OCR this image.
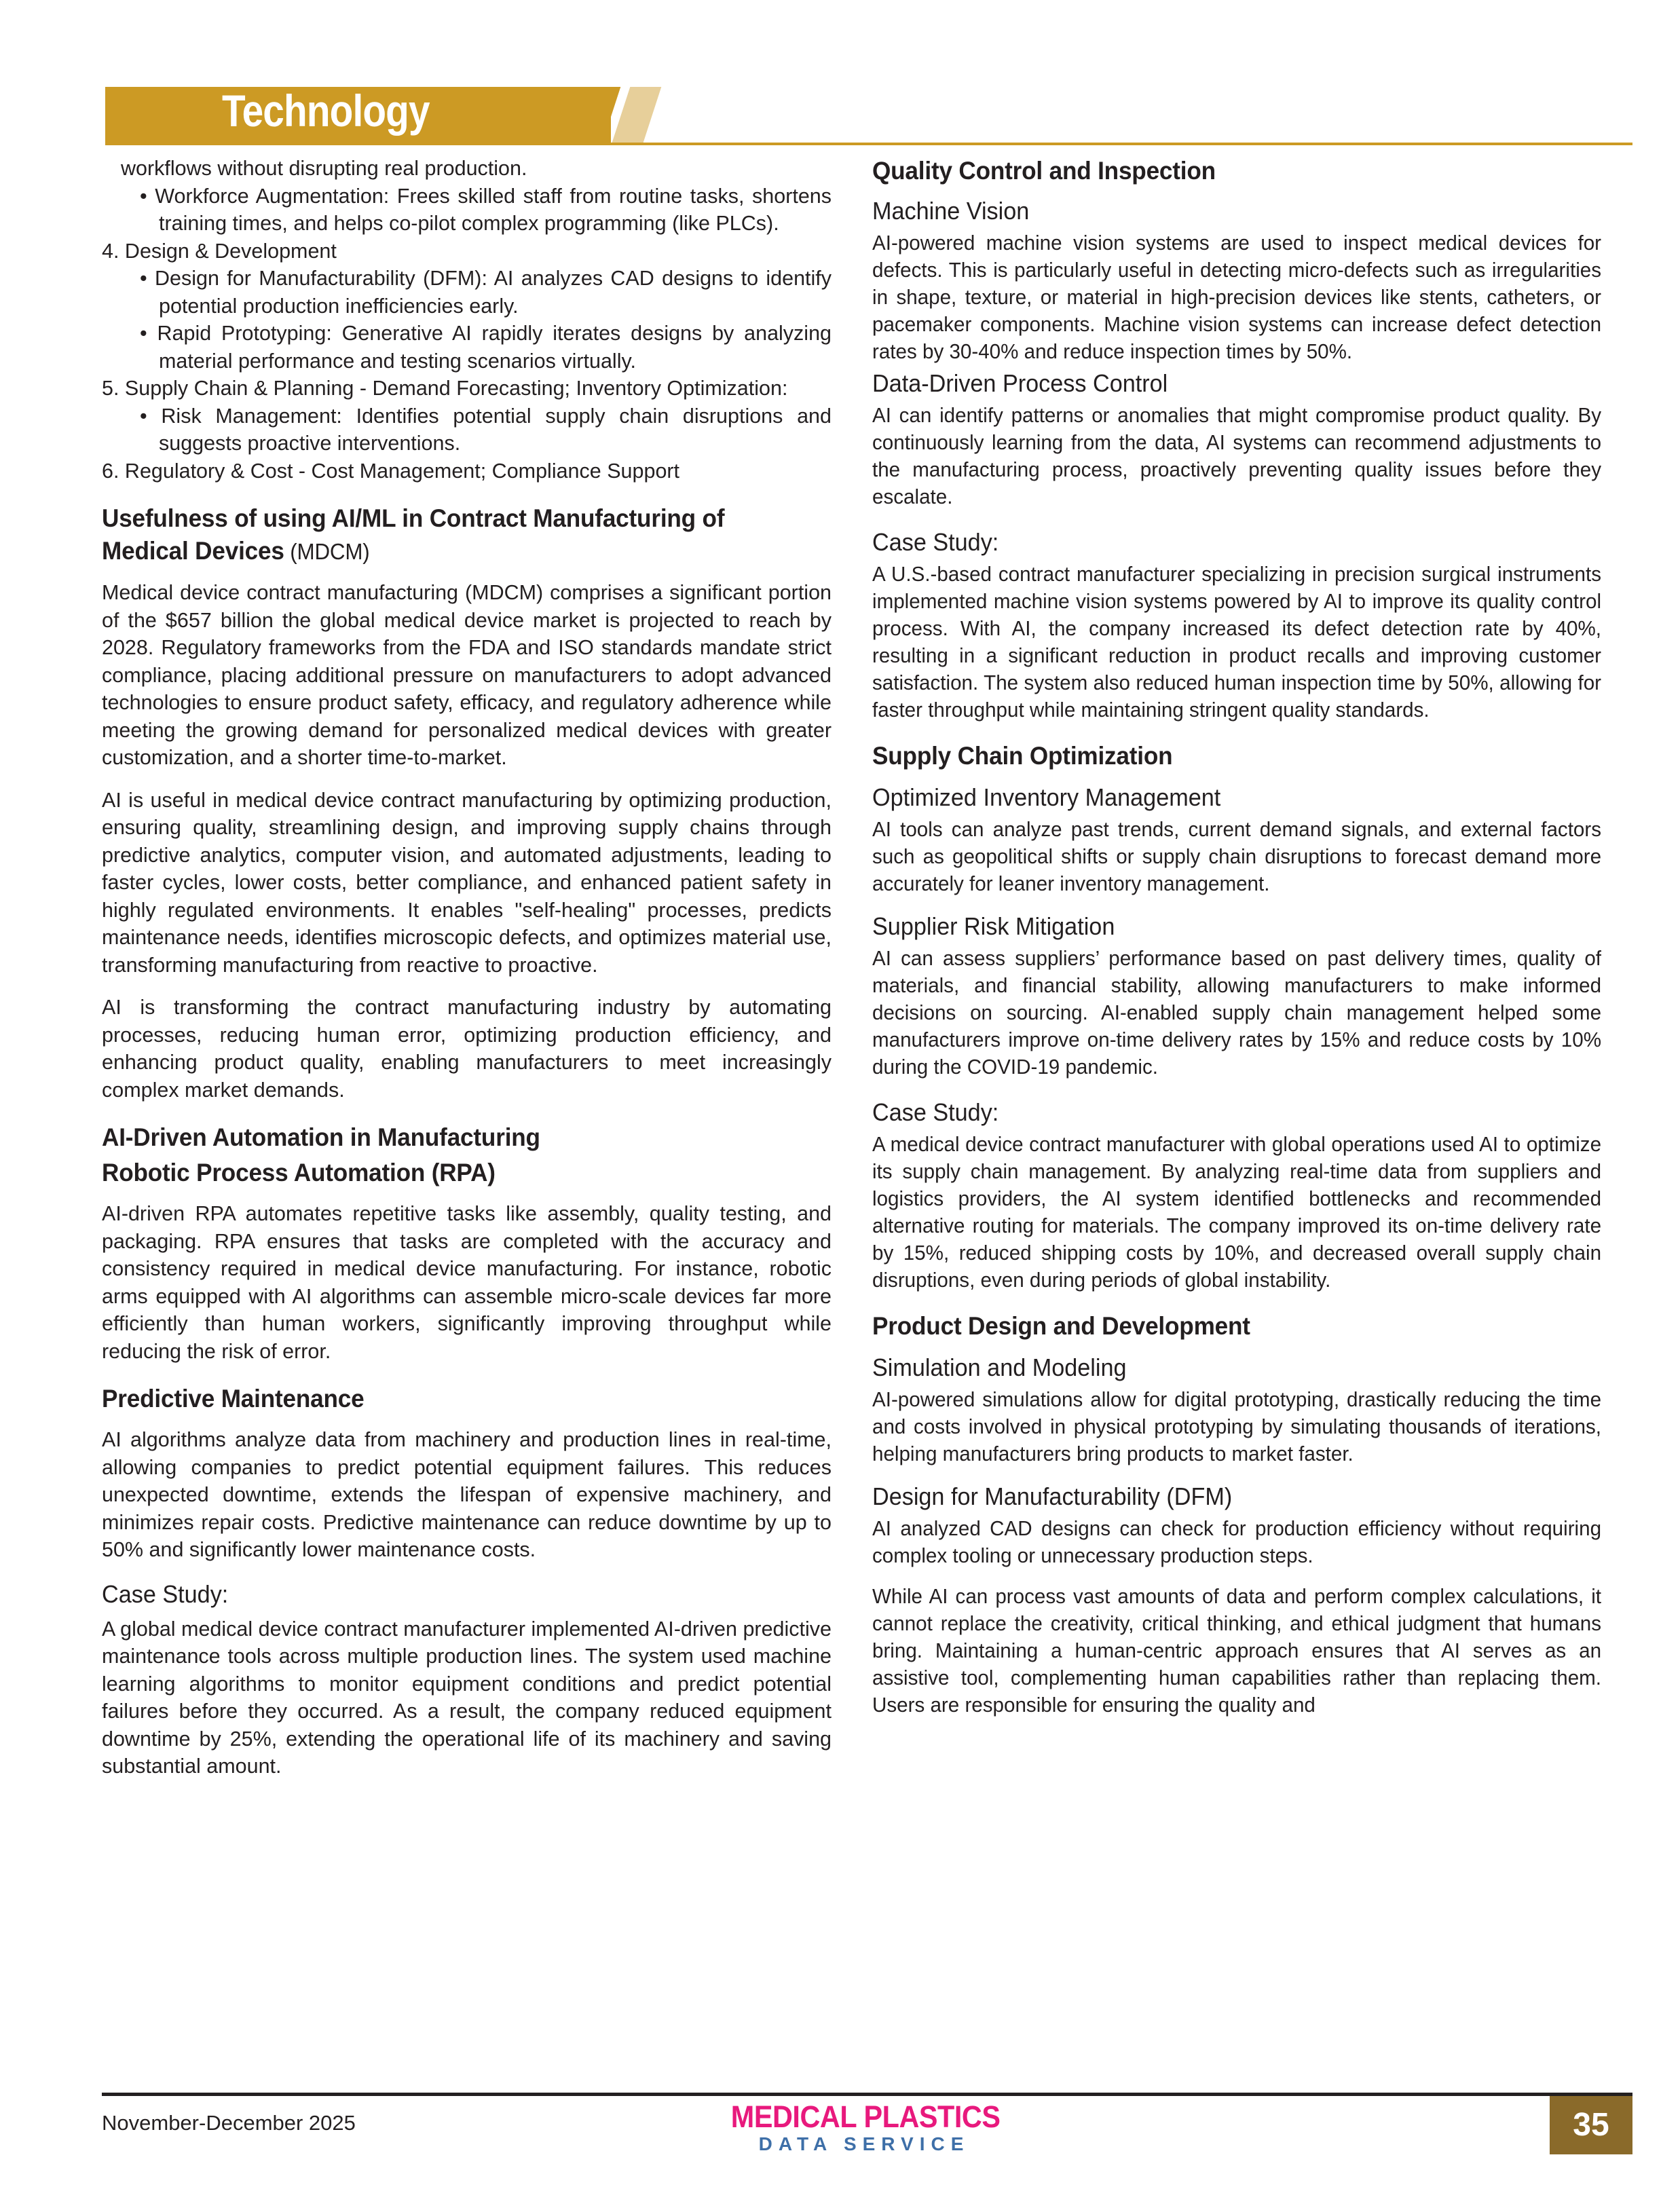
Technology

workflows without disrupting real production.

• Workforce Augmentation: Frees skilled staff from routine tasks, shortens training times, and helps co-pilot complex programming (like PLCs).

4. Design & Development

• Design for Manufacturability (DFM): AI analyzes CAD designs to identify potential production inefficiencies early.

• Rapid Prototyping: Generative AI rapidly iterates designs by analyzing material performance and testing scenarios virtually.

5. Supply Chain & Planning - Demand Forecasting; Inventory Optimization:

• Risk Management: Identifies potential supply chain disruptions and suggests proactive interventions.

6. Regulatory & Cost - Cost Management; Compliance Support

Usefulness of using AI/ML in Contract Manufacturing of Medical Devices (MDCM)

Medical device contract manufacturing (MDCM) comprises a significant portion of the $657 billion the global medical device market is projected to reach by 2028. Regulatory frameworks from the FDA and ISO standards mandate strict compliance, placing additional pressure on manufacturers to adopt advanced technologies to ensure product safety, efficacy, and regulatory adherence while meeting the growing demand for personalized medical devices with greater customization, and a shorter time-to-market.

AI is useful in medical device contract manufacturing by optimizing production, ensuring quality, streamlining design, and improving supply chains through predictive analytics, computer vision, and automated adjustments, leading to faster cycles, lower costs, better compliance, and enhanced patient safety in highly regulated environments. It enables "self-healing" processes, predicts maintenance needs, identifies microscopic defects, and optimizes material use, transforming manufacturing from reactive to proactive.

AI is transforming the contract manufacturing industry by automating processes, reducing human error, optimizing production efficiency, and enhancing product quality, enabling manufacturers to meet increasingly complex market demands.

AI-Driven Automation in Manufacturing
Robotic Process Automation (RPA)

AI-driven RPA automates repetitive tasks like assembly, quality testing, and packaging. RPA ensures that tasks are completed with the accuracy and consistency required in medical device manufacturing. For instance, robotic arms equipped with AI algorithms can assemble micro-scale devices far more efficiently than human workers, significantly improving throughput while reducing the risk of error.

Predictive Maintenance

AI algorithms analyze data from machinery and production lines in real-time, allowing companies to predict potential equipment failures. This reduces unexpected downtime, extends the lifespan of expensive machinery, and minimizes repair costs. Predictive maintenance can reduce downtime by up to 50% and significantly lower maintenance costs.

Case Study:

A global medical device contract manufacturer implemented AI-driven predictive maintenance tools across multiple production lines. The system used machine learning algorithms to monitor equipment conditions and predict potential failures before they occurred. As a result, the company reduced equipment downtime by 25%, extending the operational life of its machinery and saving substantial amount.

Quality Control and Inspection
Machine Vision

AI-powered machine vision systems are used to inspect medical devices for defects. This is particularly useful in detecting micro-defects such as irregularities in shape, texture, or material in high-precision devices like stents, catheters, or pacemaker components. Machine vision systems can increase defect detection rates by 30-40% and reduce inspection times by 50%.

Data-Driven Process Control

AI can identify patterns or anomalies that might compromise product quality. By continuously learning from the data, AI systems can recommend adjustments to the manufacturing process, proactively preventing quality issues before they escalate.

Case Study:

A U.S.-based contract manufacturer specializing in precision surgical instruments implemented machine vision systems powered by AI to improve its quality control process. With AI, the company increased its defect detection rate by 40%, resulting in a significant reduction in product recalls and improving customer satisfaction. The system also reduced human inspection time by 50%, allowing for faster throughput while maintaining stringent quality standards.

Supply Chain Optimization
Optimized Inventory Management

AI tools can analyze past trends, current demand signals, and external factors such as geopolitical shifts or supply chain disruptions to forecast demand more accurately for leaner inventory management.

Supplier Risk Mitigation

AI can assess suppliers’ performance based on past delivery times, quality of materials, and financial stability, allowing manufacturers to make informed decisions on sourcing. AI-enabled supply chain management helped some manufacturers improve on-time delivery rates by 15% and reduce costs by 10% during the COVID-19 pandemic.

Case Study:

A medical device contract manufacturer with global operations used AI to optimize its supply chain management. By analyzing real-time data from suppliers and logistics providers, the AI system identified bottlenecks and recommended alternative routing for materials. The company improved its on-time delivery rate by 15%, reduced shipping costs by 10%, and decreased overall supply chain disruptions, even during periods of global instability.

Product Design and Development
Simulation and Modeling

AI-powered simulations allow for digital prototyping, drastically reducing the time and costs involved in physical prototyping by simulating thousands of iterations, helping manufacturers bring products to market faster.

Design for Manufacturability (DFM)

AI analyzed CAD designs can check for production efficiency without requiring complex tooling or unnecessary production steps.

While AI can process vast amounts of data and perform complex calculations, it cannot replace the creativity, critical thinking, and ethical judgment that humans bring. Maintaining a human-centric approach ensures that AI serves as an assistive tool, complementing human capabilities rather than replacing them. Users are responsible for ensuring the quality and

November-December 2025	MEDICAL PLASTICS
DATA SERVICE
35
